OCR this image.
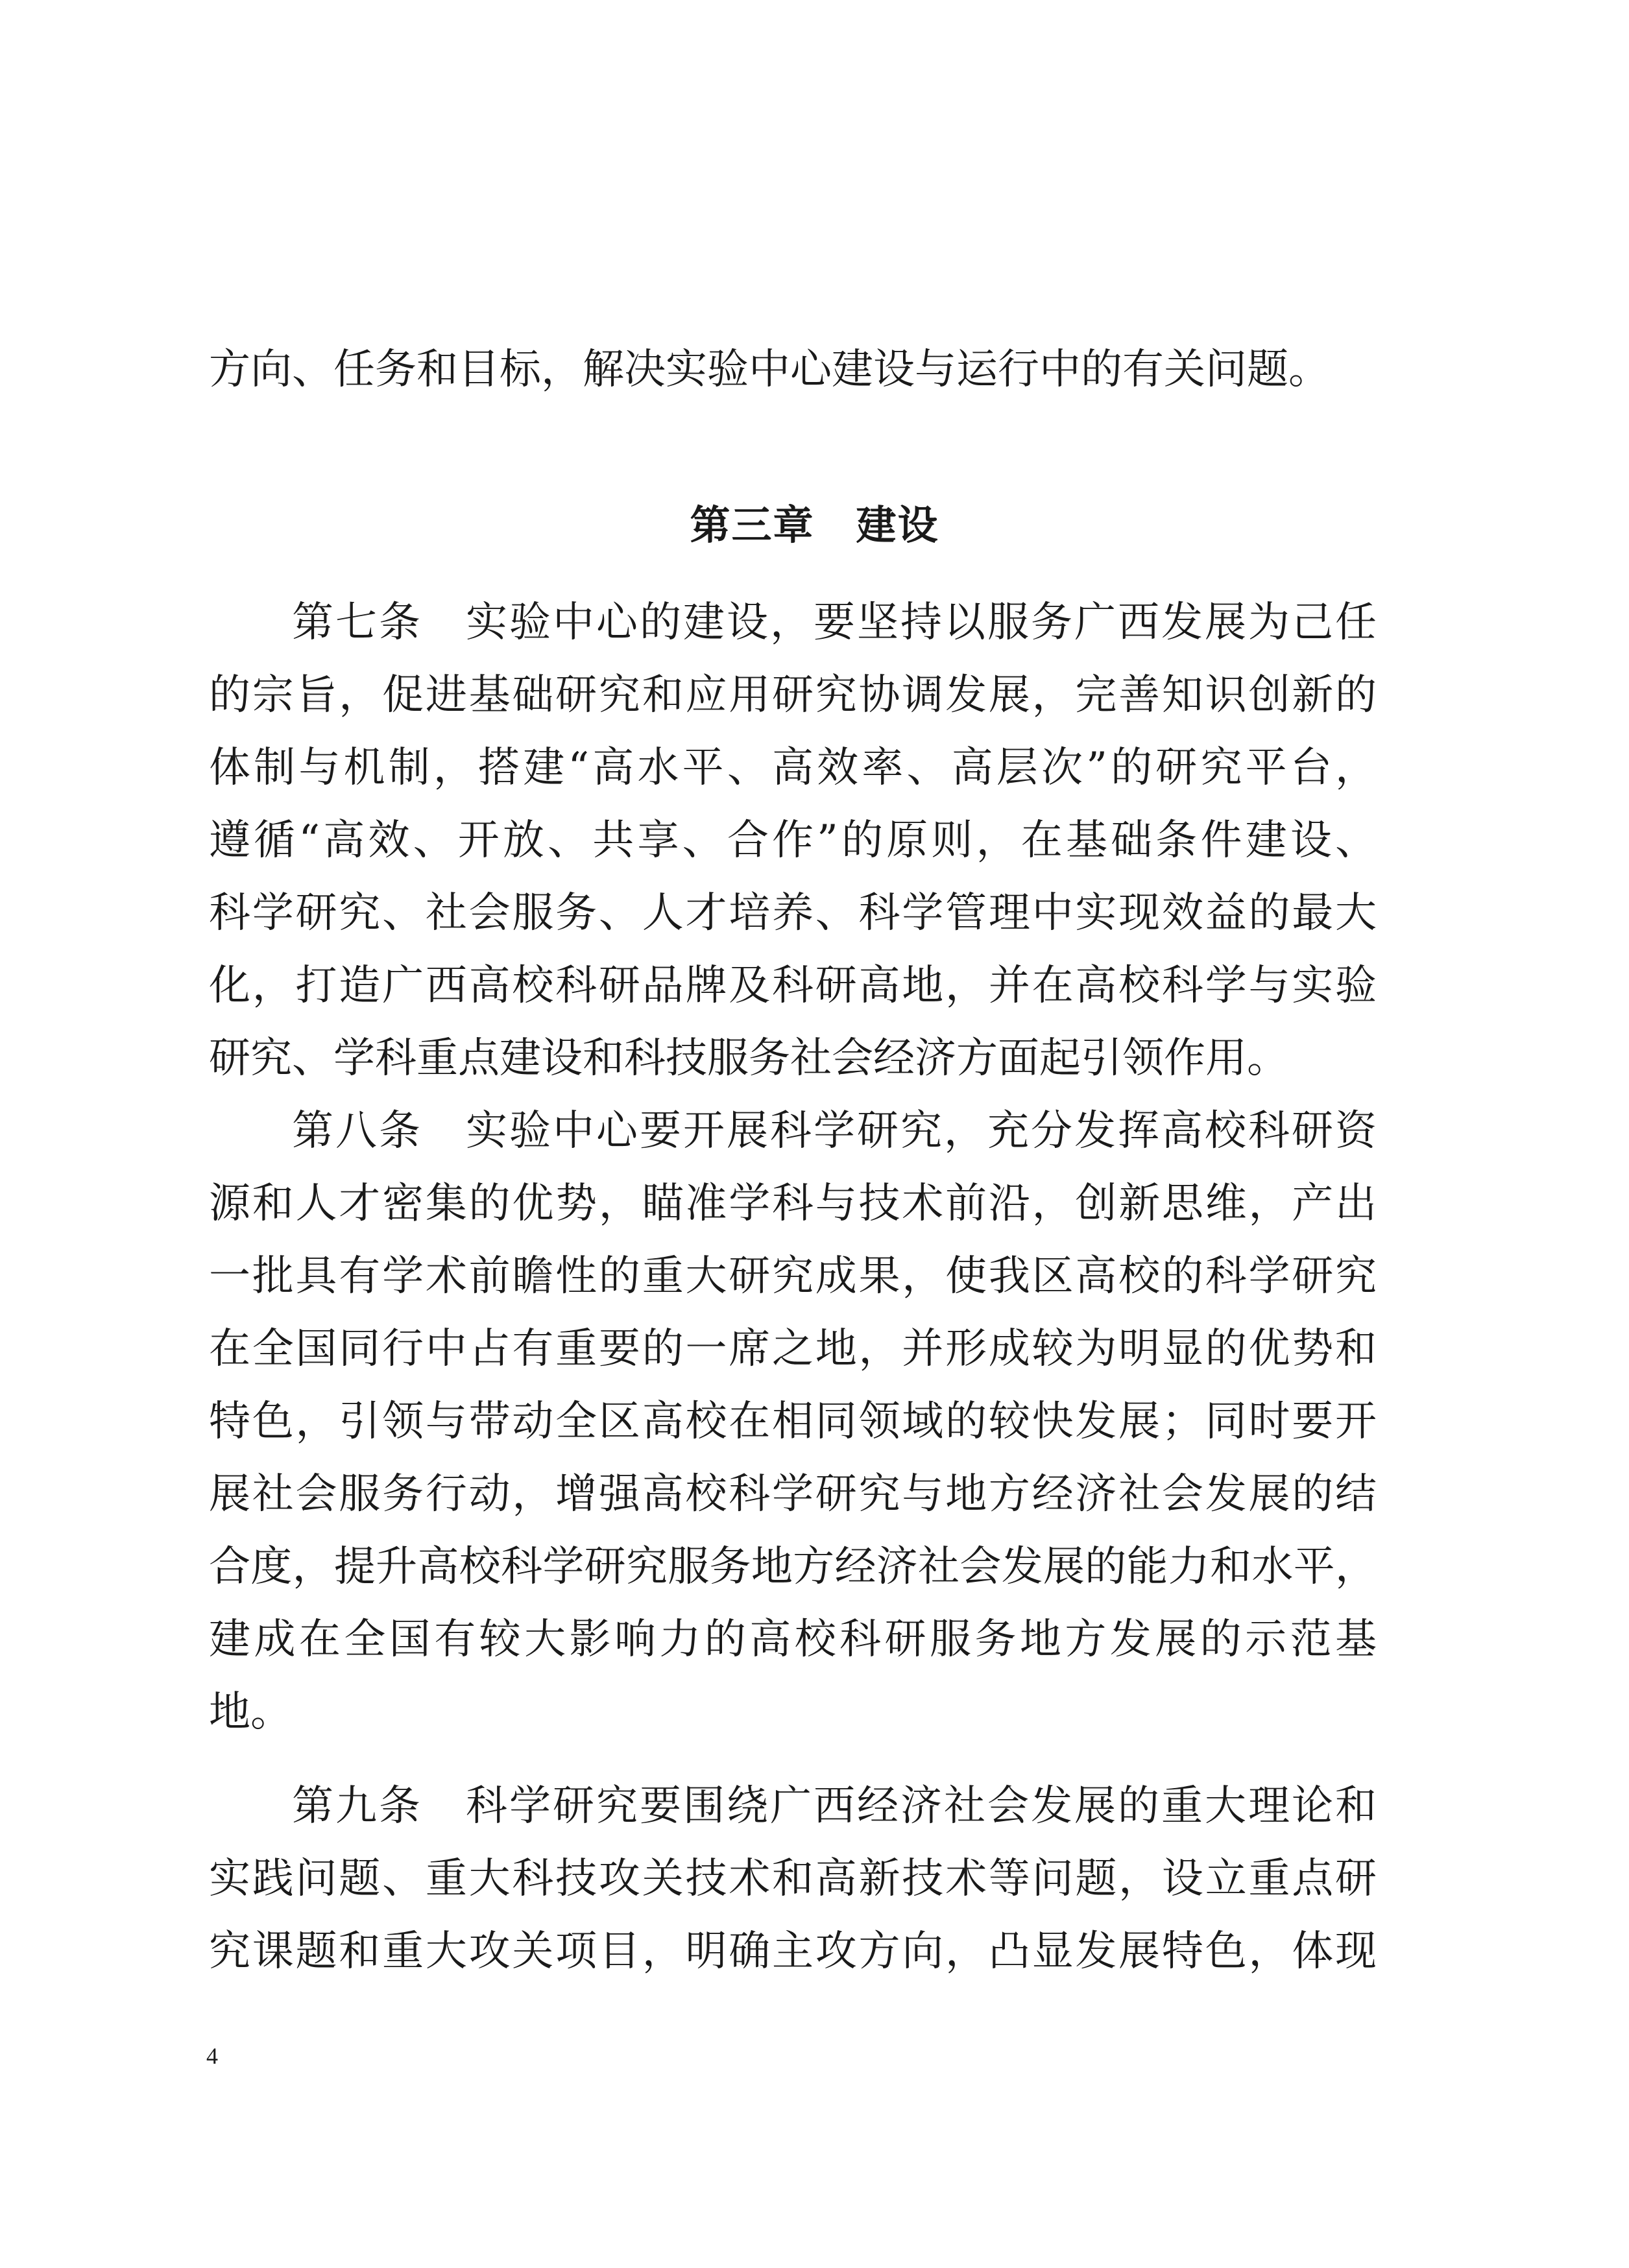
方向、任务和目标，解决实验中心建设与运行中的有关问题。
第三章　建设
第七条　实验中心的建设，要坚持以服务广西发展为己任
的宗旨，促进基础研究和应用研究协调发展，完善知识创新的
体制与机制，搭建“高水平、高效率、高层次”的研究平台，
遵循“高效、开放、共享、合作”的原则，在基础条件建设、
科学研究、社会服务、人才培养、科学管理中实现效益的最大
化，打造广西高校科研品牌及科研高地，并在高校科学与实验
研究、学科重点建设和科技服务社会经济方面起引领作用。
第八条　实验中心要开展科学研究，充分发挥高校科研资
源和人才密集的优势，瞄准学科与技术前沿，创新思维，产出
一批具有学术前瞻性的重大研究成果，使我区高校的科学研究
在全国同行中占有重要的一席之地，并形成较为明显的优势和
特色，引领与带动全区高校在相同领域的较快发展；同时要开
展社会服务行动，增强高校科学研究与地方经济社会发展的结
合度，提升高校科学研究服务地方经济社会发展的能力和水平，
建成在全国有较大影响力的高校科研服务地方发展的示范基
地。
第九条　科学研究要围绕广西经济社会发展的重大理论和
实践问题、重大科技攻关技术和高新技术等问题，设立重点研
究课题和重大攻关项目，明确主攻方向，凸显发展特色，体现
4
